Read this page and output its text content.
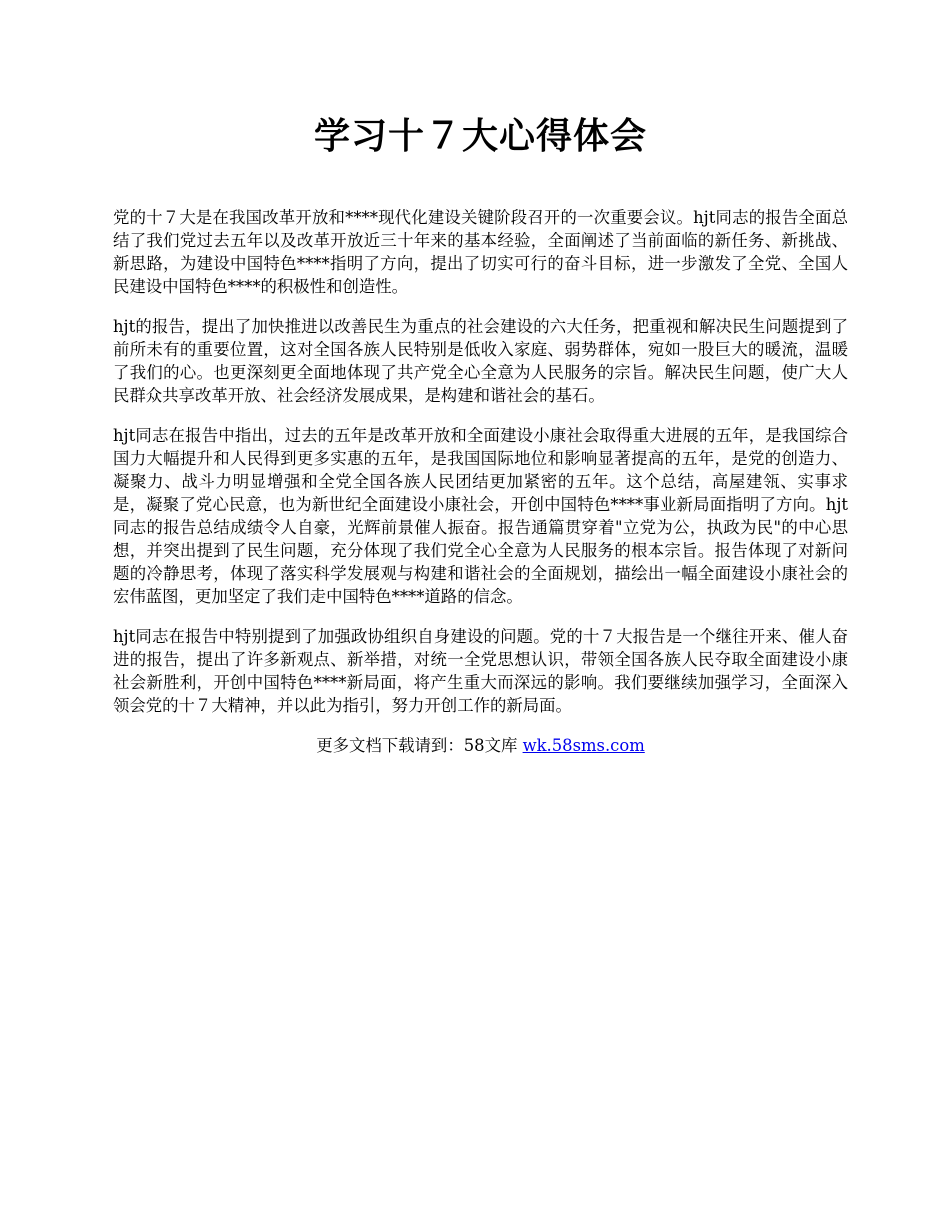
学习十７大心得体会

党的十７大是在我国改革开放和****现代化建设关键阶段召开的一次重要会议。hjt同志的报告全面总结了我们党过去五年以及改革开放近三十年来的基本经验，全面阐述了当前面临的新任务、新挑战、新思路，为建设中国特色****指明了方向，提出了切实可行的奋斗目标，进一步激发了全党、全国人民建设中国特色****的积极性和创造性。

hjt的报告，提出了加快推进以改善民生为重点的社会建设的六大任务，把重视和解决民生问题提到了前所未有的重要位置，这对全国各族人民特别是低收入家庭、弱势群体，宛如一股巨大的暖流，温暖了我们的心。也更深刻更全面地体现了共产党全心全意为人民服务的宗旨。解决民生问题，使广大人民群众共享改革开放、社会经济发展成果，是构建和谐社会的基石。

hjt同志在报告中指出，过去的五年是改革开放和全面建设小康社会取得重大进展的五年，是我国综合国力大幅提升和人民得到更多实惠的五年，是我国国际地位和影响显著提高的五年，是党的创造力、凝聚力、战斗力明显增强和全党全国各族人民团结更加紧密的五年。这个总结，高屋建瓴、实事求是，凝聚了党心民意，也为新世纪全面建设小康社会，开创中国特色****事业新局面指明了方向。hjt同志的报告总结成绩令人自豪，光辉前景催人振奋。报告通篇贯穿着"立党为公，执政为民"的中心思想，并突出提到了民生问题，充分体现了我们党全心全意为人民服务的根本宗旨。报告体现了对新问题的冷静思考，体现了落实科学发展观与构建和谐社会的全面规划，描绘出一幅全面建设小康社会的宏伟蓝图，更加坚定了我们走中国特色****道路的信念。

hjt同志在报告中特别提到了加强政协组织自身建设的问题。党的十７大报告是一个继往开来、催人奋进的报告，提出了许多新观点、新举措，对统一全党思想认识，带领全国各族人民夺取全面建设小康社会新胜利，开创中国特色****新局面，将产生重大而深远的影响。我们要继续加强学习，全面深入领会党的十７大精神，并以此为指引，努力开创工作的新局面。

更多文档下载请到：58文库 wk.58sms.com
